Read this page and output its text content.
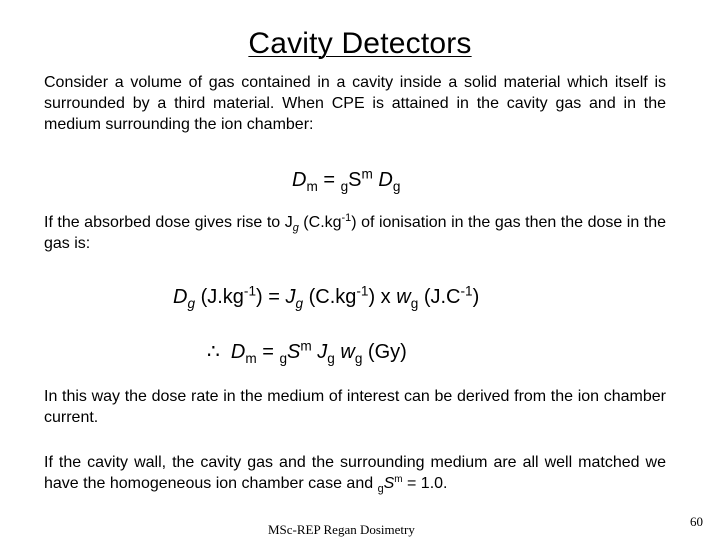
Cavity Detectors
Consider a volume of gas contained in a cavity inside a solid material which itself is surrounded by a third material. When CPE is attained in the cavity gas and in the medium surrounding the ion chamber:
$D_m = _gS^m$ $D_g$
If the absorbed dose gives rise to $J_g$ $(C.kg^{-1})$ of ionisation in the gas then the dose in the gas is:
$D_g$ $(J.kg^{-1}) = J_g$ $(C.kg^{-1})$ x $w_g$ $(J.C^{-1})$
∴ $D_m = _gS^m$ $J_g$ $w_g$ (Gy)
In this way the dose rate in the medium of interest can be derived from the ion chamber current.
If the cavity wall, the cavity gas and the surrounding medium are all well matched we have the homogeneous ion chamber case and $_gS^m = 1.0$.
MSc-REP Regan Dosimetry
60
